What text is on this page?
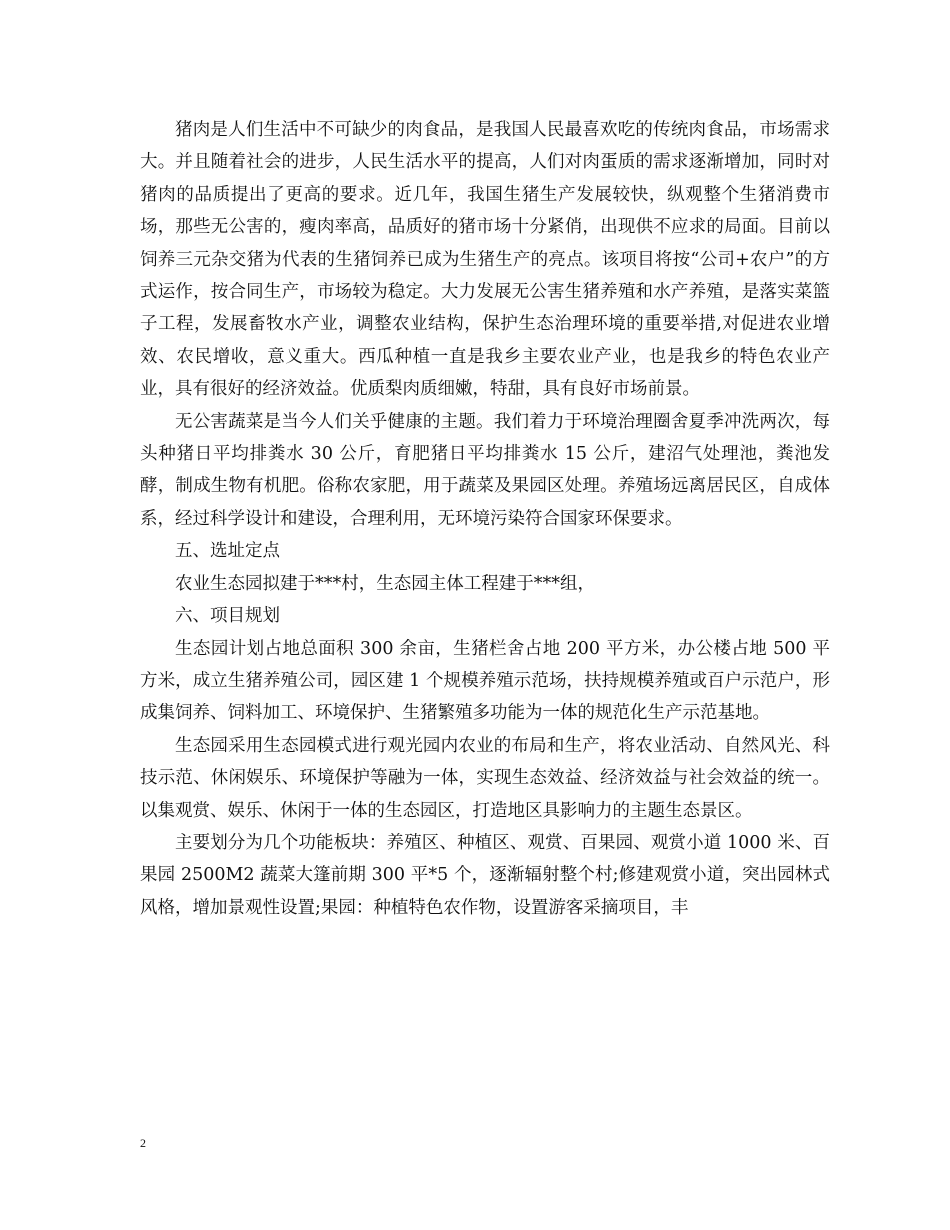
猪肉是人们生活中不可缺少的肉食品，是我国人民最喜欢吃的传统肉食品，市场需求大。并且随着社会的进步，人民生活水平的提高，人们对肉蛋质的需求逐渐增加，同时对猪肉的品质提出了更高的要求。近几年，我国生猪生产发展较快，纵观整个生猪消费市场，那些无公害的，瘦肉率高，品质好的猪市场十分紧俏，出现供不应求的局面。目前以饲养三元杂交猪为代表的生猪饲养已成为生猪生产的亮点。该项目将按“公司+农户”的方式运作，按合同生产，市场较为稳定。大力发展无公害生猪养殖和水产养殖，是落实菜篮子工程，发展畜牧水产业，调整农业结构，保护生态治理环境的重要举措,对促进农业增效、农民增收，意义重大。西瓜种植一直是我乡主要农业产业，也是我乡的特色农业产业，具有很好的经济效益。优质梨肉质细嫩，特甜，具有良好市场前景。

无公害蔬菜是当今人们关乎健康的主题。我们着力于环境治理圈舍夏季冲洗两次，每头种猪日平均排粪水 30 公斤，育肥猪日平均排粪水 15 公斤，建沼气处理池，粪池发酵，制成生物有机肥。俗称农家肥，用于蔬菜及果园区处理。养殖场远离居民区，自成体系，经过科学设计和建设，合理利用，无环境污染符合国家环保要求。

五、选址定点

农业生态园拟建于***村，生态园主体工程建于***组，

六、项目规划

生态园计划占地总面积 300 余亩，生猪栏舍占地 200 平方米，办公楼占地 500 平方米，成立生猪养殖公司，园区建 1 个规模养殖示范场，扶持规模养殖或百户示范户，形成集饲养、饲料加工、环境保护、生猪繁殖多功能为一体的规范化生产示范基地。

生态园采用生态园模式进行观光园内农业的布局和生产，将农业活动、自然风光、科技示范、休闲娱乐、环境保护等融为一体，实现生态效益、经济效益与社会效益的统一。以集观赏、娱乐、休闲于一体的生态园区，打造地区具影响力的主题生态景区。

主要划分为几个功能板块：养殖区、种植区、观赏、百果园、观赏小道 1000 米、百果园 2500M2 蔬菜大篷前期 300 平*5 个，逐渐辐射整个村;修建观赏小道，突出园林式风格，增加景观性设置;果园：种植特色农作物，设置游客采摘项目，丰

2
